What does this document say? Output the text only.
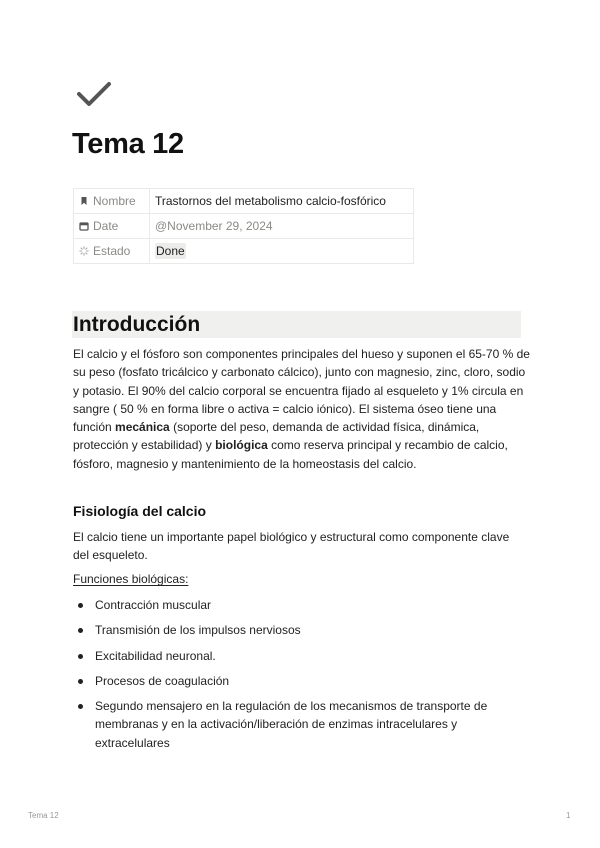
Tema 12
Nombre	Trastornos del metabolismo calcio-fosfórico
Date	@November 29, 2024
Estado	Done
Introducción

El calcio y el fósforo son componentes principales del hueso y suponen el 65-70 % de su peso (fosfato tricálcico y carbonato cálcico), junto con magnesio, zinc, cloro, sodio y potasio. El 90% del calcio corporal se encuentra fijado al esqueleto y 1% circula en sangre ( 50 % en forma libre o activa = calcio iónico). El sistema óseo tiene una función mecánica (soporte del peso, demanda de actividad física, dinámica, protección y estabilidad) y biológica como reserva principal y recambio de calcio, fósforo, magnesio y mantenimiento de la homeostasis del calcio.

Fisiología del calcio

El calcio tiene un importante papel biológico y estructural como componente clave del esqueleto.

Funciones biológicas:
Contracción muscular
Transmisión de los impulsos nerviosos
Excitabilidad neuronal.
Procesos de coagulación
Segundo mensajero en la regulación de los mecanismos de transporte de membranas y en la activación/liberación de enzimas intracelulares y extracelulares
Tema 12	1
